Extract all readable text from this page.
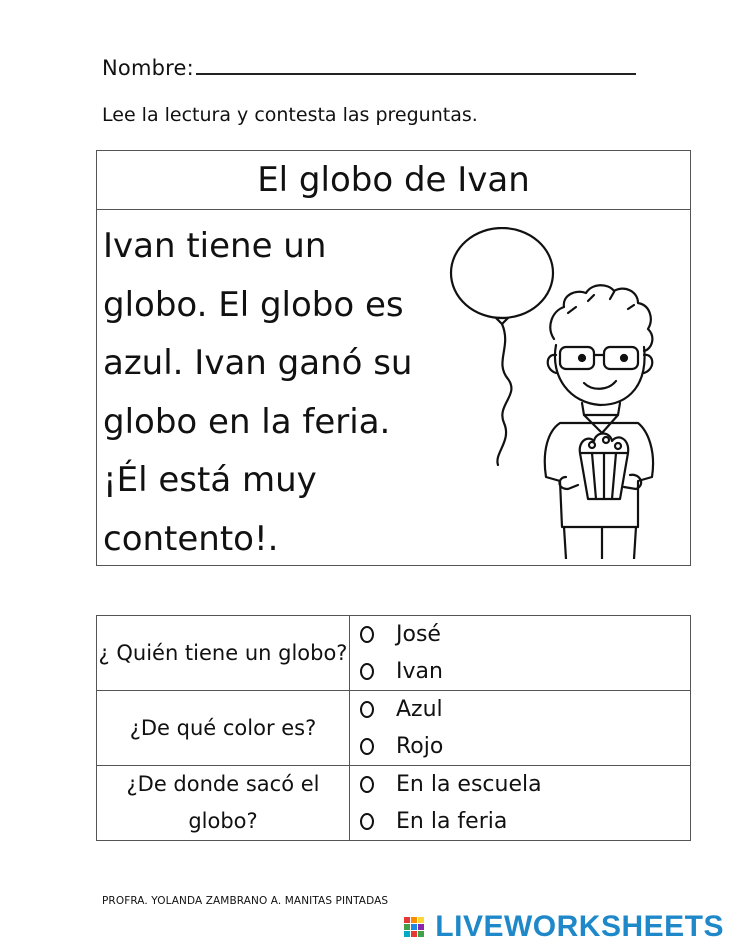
Nombre:
Lee la lectura y contesta las preguntas.
El globo de Ivan
Ivan tiene un
globo. El globo es
azul. Ivan ganó su
globo en la feria.
¡Él está muy
contento!.
¿ Quién tiene un globo?	José
Ivan

¿De qué color es?	Azul
Rojo

¿De donde sacó el globo?	En la escuela
En la feria
PROFRA. YOLANDA ZAMBRANO A. MANITAS PINTADAS
LIVEWORKSHEETS
